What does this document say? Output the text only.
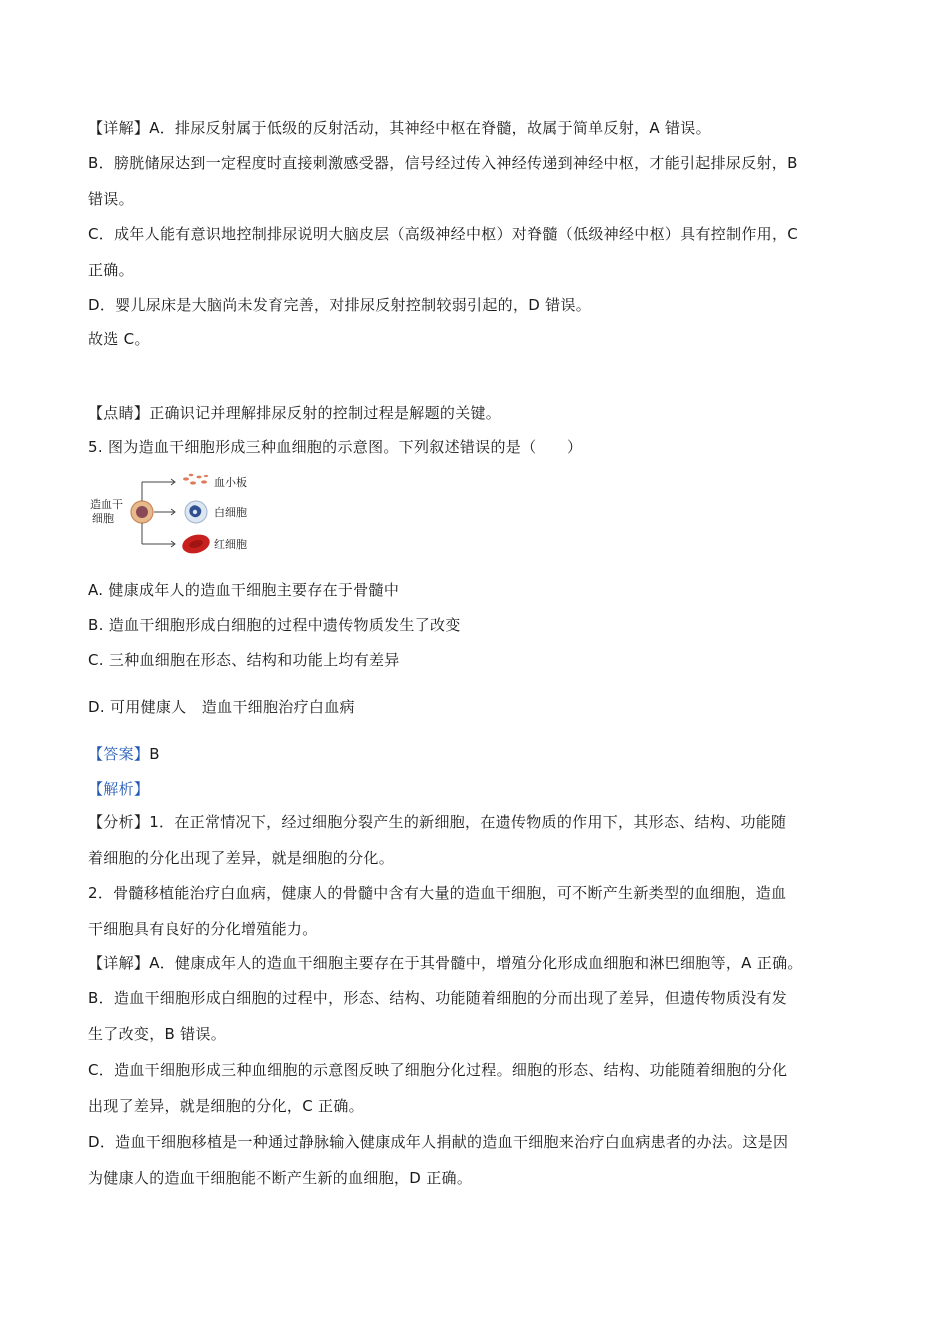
【详解】A．排尿反射属于低级的反射活动，其神经中枢在脊髓，故属于简单反射，A 错误。
B．膀胱储尿达到一定程度时直接刺激感受器，信号经过传入神经传递到神经中枢，才能引起排尿反射，B
错误。
C．成年人能有意识地控制排尿说明大脑皮层（高级神经中枢）对脊髓（低级神经中枢）具有控制作用，C
正确。
D．婴儿尿床是大脑尚未发育完善，对排尿反射控制较弱引起的，D 错误。
故选 C。
【点睛】正确识记并理解排尿反射的控制过程是解题的关键。
5. 图为造血干细胞形成三种血细胞的示意图。下列叙述错误的是（　　）
造血干
细胞
血小板
白细胞
红细胞
A. 健康成年人的造血干细胞主要存在于骨髓中
B. 造血干细胞形成白细胞的过程中遗传物质发生了改变
C. 三种血细胞在形态、结构和功能上均有差异
D. 可用健康人　造血干细胞治疗白血病
【答案】B
【解析】
【分析】1．在正常情况下，经过细胞分裂产生的新细胞，在遗传物质的作用下，其形态、结构、功能随
着细胞的分化出现了差异，就是细胞的分化。
2．骨髓移植能治疗白血病，健康人的骨髓中含有大量的造血干细胞，可不断产生新类型的血细胞，造血
干细胞具有良好的分化增殖能力。
【详解】A．健康成年人的造血干细胞主要存在于其骨髓中，增殖分化形成血细胞和淋巴细胞等，A 正确。
B．造血干细胞形成白细胞的过程中，形态、结构、功能随着细胞的分而出现了差异，但遗传物质没有发
生了改变，B 错误。
C．造血干细胞形成三种血细胞的示意图反映了细胞分化过程。细胞的形态、结构、功能随着细胞的分化
出现了差异，就是细胞的分化，C 正确。
D．造血干细胞移植是一种通过静脉输入健康成年人捐献的造血干细胞来治疗白血病患者的办法。这是因
为健康人的造血干细胞能不断产生新的血细胞，D 正确。
